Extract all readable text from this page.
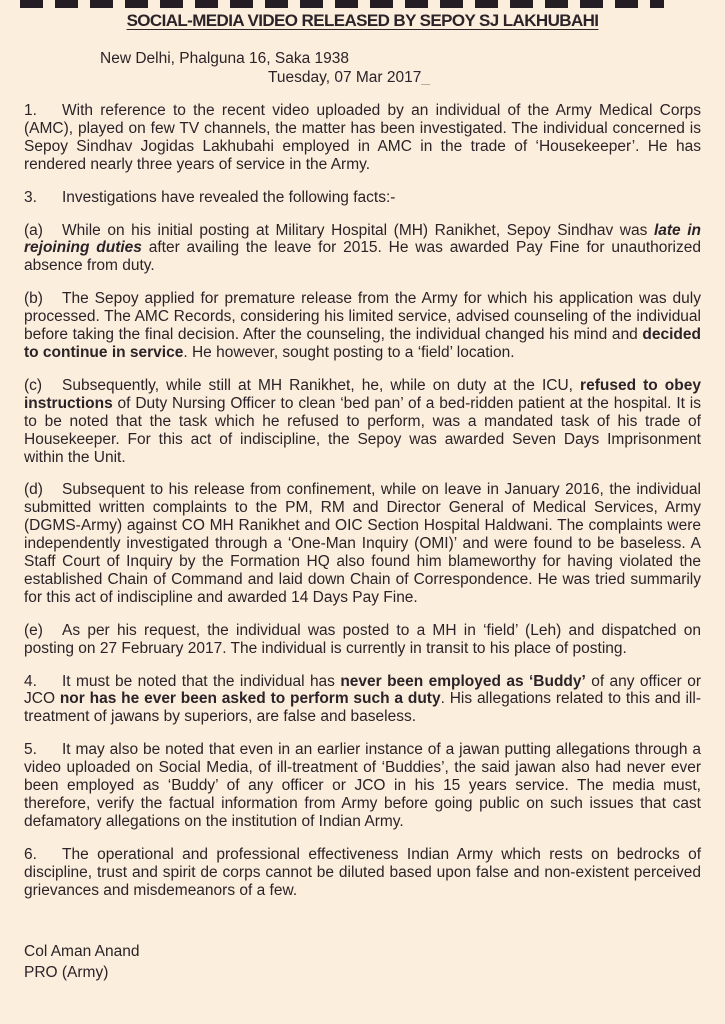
SOCIAL-MEDIA VIDEO RELEASED BY SEPOY SJ LAKHUBAHI
New Delhi, Phalguna 16, Saka 1938
Tuesday, 07 Mar 2017_
1. With reference to the recent video uploaded by an individual of the Army Medical Corps (AMC), played on few TV channels, the matter has been investigated. The individual concerned is Sepoy Sindhav Jogidas Lakhubahi employed in AMC in the trade of ‘Housekeeper’. He has rendered nearly three years of service in the Army.
3. Investigations have revealed the following facts:-
(a) While on his initial posting at Military Hospital (MH) Ranikhet, Sepoy Sindhav was late in rejoining duties after availing the leave for 2015. He was awarded Pay Fine for unauthorized absence from duty.
(b) The Sepoy applied for premature release from the Army for which his application was duly processed. The AMC Records, considering his limited service, advised counseling of the individual before taking the final decision. After the counseling, the individual changed his mind and decided to continue in service. He however, sought posting to a ‘field’ location.
(c) Subsequently, while still at MH Ranikhet, he, while on duty at the ICU, refused to obey instructions of Duty Nursing Officer to clean ‘bed pan’ of a bed-ridden patient at the hospital. It is to be noted that the task which he refused to perform, was a mandated task of his trade of Housekeeper. For this act of indiscipline, the Sepoy was awarded Seven Days Imprisonment within the Unit.
(d) Subsequent to his release from confinement, while on leave in January 2016, the individual submitted written complaints to the PM, RM and Director General of Medical Services, Army (DGMS-Army) against CO MH Ranikhet and OIC Section Hospital Haldwani. The complaints were independently investigated through a ‘One-Man Inquiry (OMI)’ and were found to be baseless. A Staff Court of Inquiry by the Formation HQ also found him blameworthy for having violated the established Chain of Command and laid down Chain of Correspondence. He was tried summarily for this act of indiscipline and awarded 14 Days Pay Fine.
(e) As per his request, the individual was posted to a MH in ‘field’ (Leh) and dispatched on posting on 27 February 2017. The individual is currently in transit to his place of posting.
4. It must be noted that the individual has never been employed as ‘Buddy’ of any officer or JCO nor has he ever been asked to perform such a duty. His allegations related to this and ill-treatment of jawans by superiors, are false and baseless.
5. It may also be noted that even in an earlier instance of a jawan putting allegations through a video uploaded on Social Media, of ill-treatment of ‘Buddies’, the said jawan also had never ever been employed as ‘Buddy’ of any officer or JCO in his 15 years service. The media must, therefore, verify the factual information from Army before going public on such issues that cast defamatory allegations on the institution of Indian Army.
6. The operational and professional effectiveness Indian Army which rests on bedrocks of discipline, trust and spirit de corps cannot be diluted based upon false and non-existent perceived grievances and misdemeanors of a few.
Col Aman Anand
PRO (Army)
